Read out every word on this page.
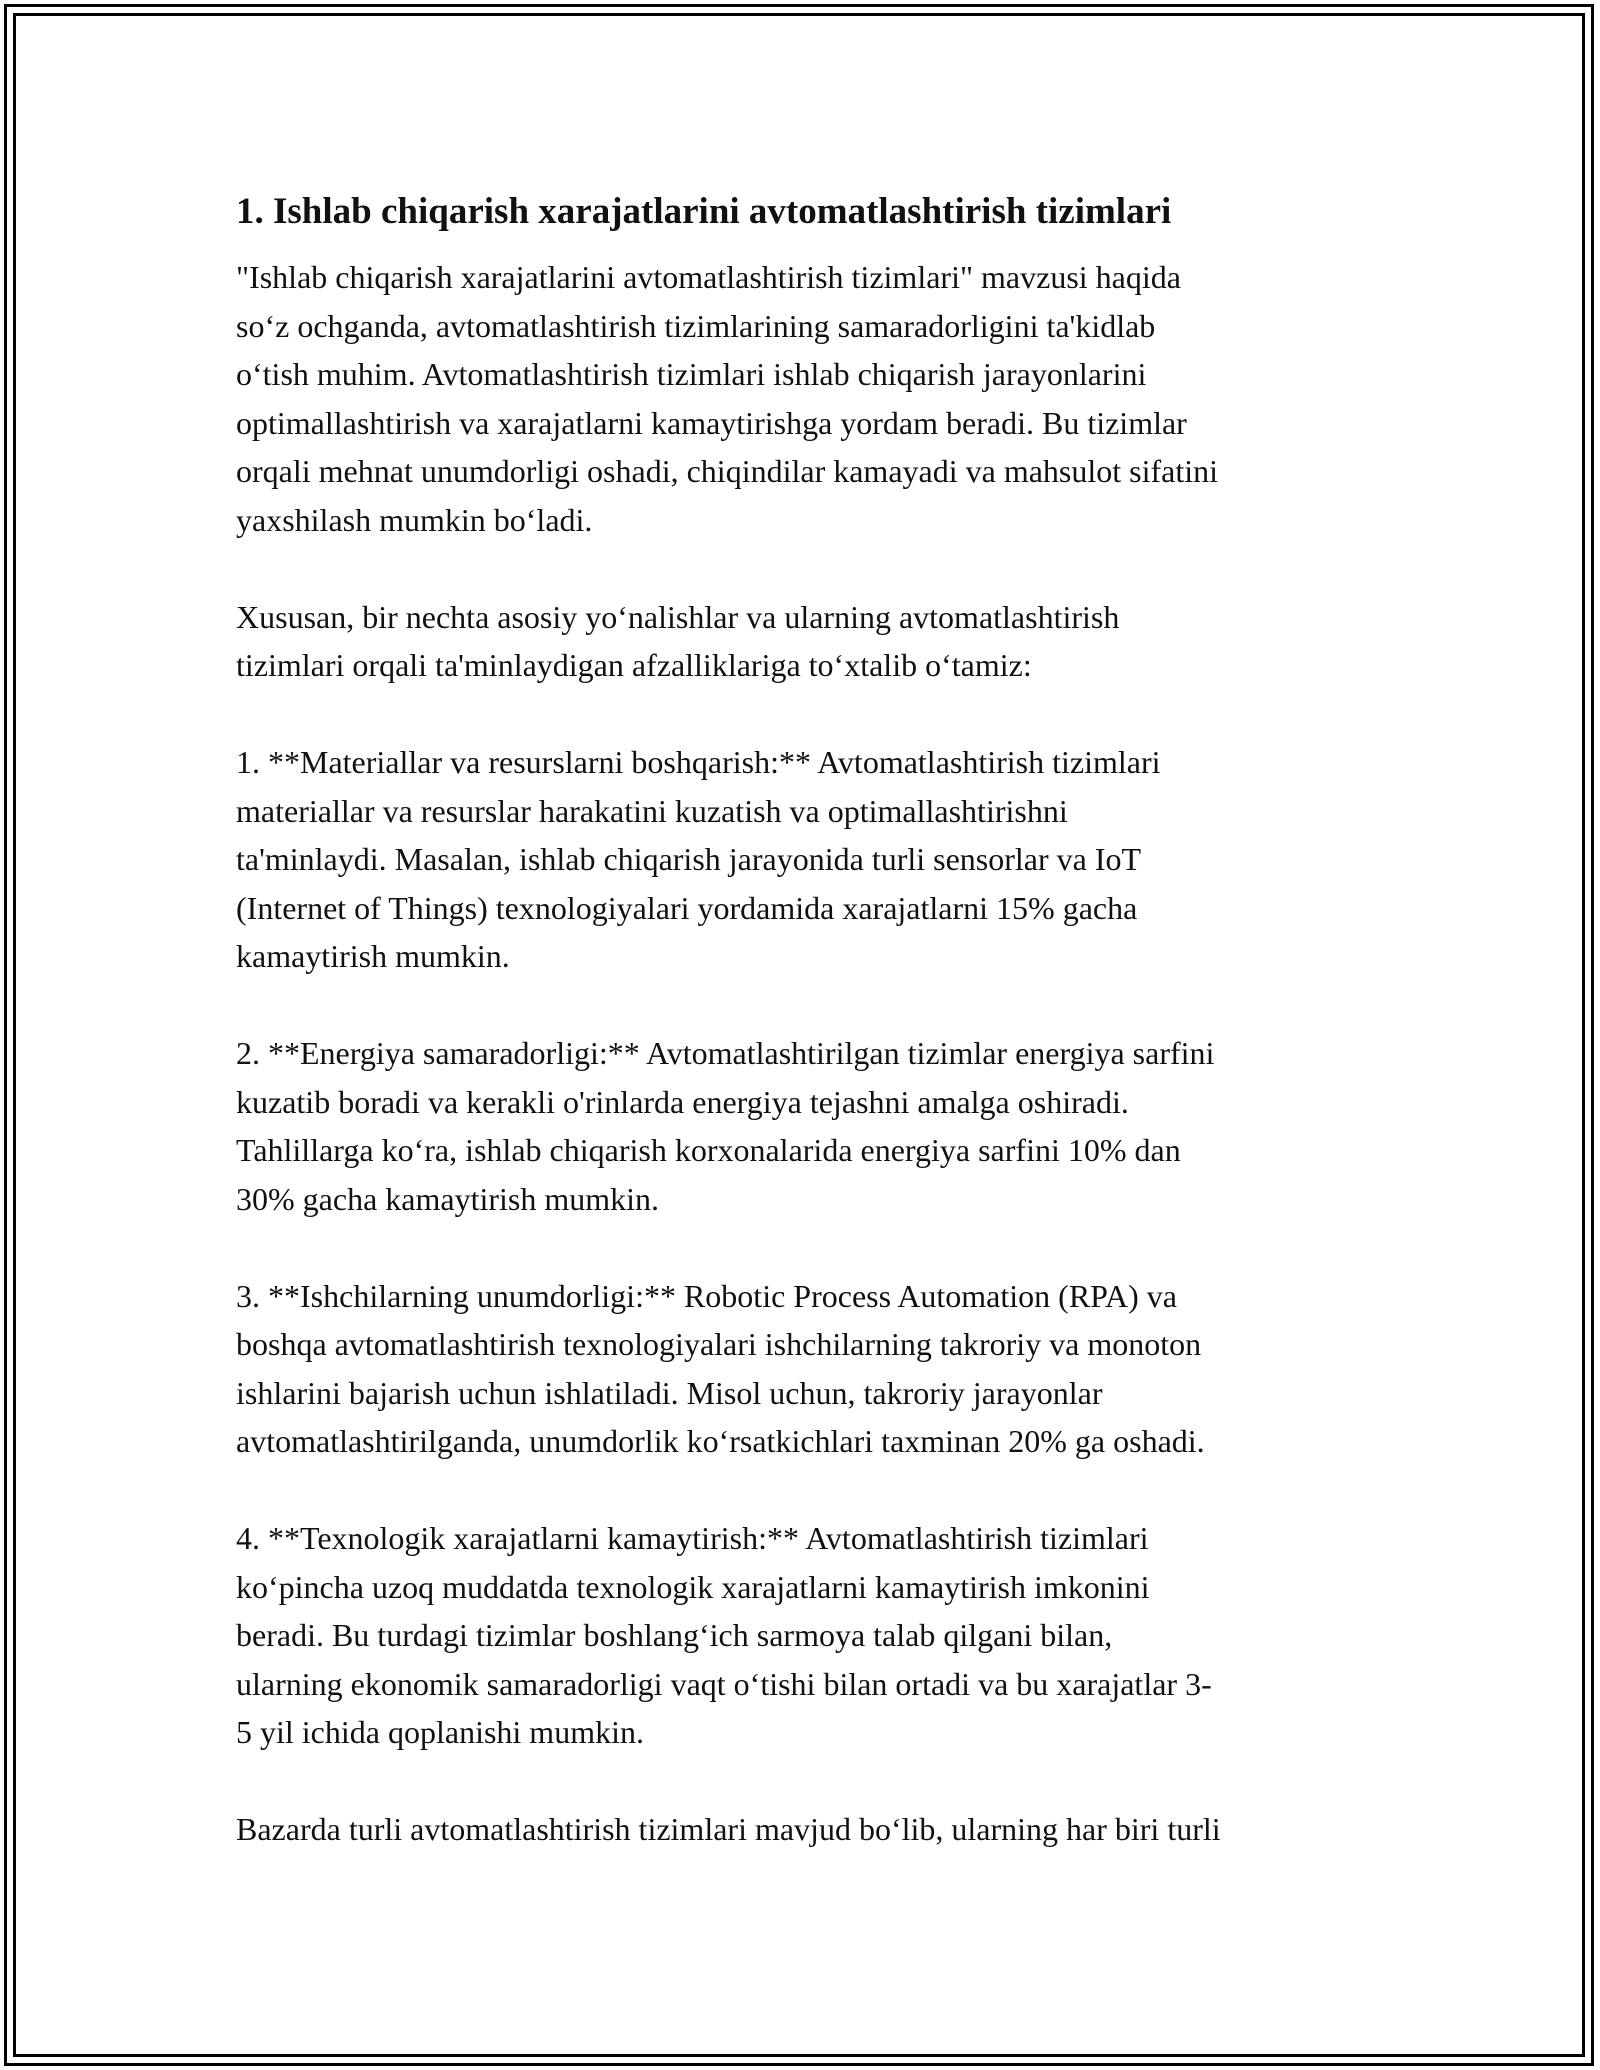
1. Ishlab chiqarish xarajatlarini avtomatlashtirish tizimlari

"Ishlab chiqarish xarajatlarini avtomatlashtirish tizimlari" mavzusi haqida
so‘z ochganda, avtomatlashtirish tizimlarining samaradorligini ta'kidlab
o‘tish muhim. Avtomatlashtirish tizimlari ishlab chiqarish jarayonlarini
optimallashtirish va xarajatlarni kamaytirishga yordam beradi. Bu tizimlar
orqali mehnat unumdorligi oshadi, chiqindilar kamayadi va mahsulot sifatini
yaxshilash mumkin bo‘ladi.

Xususan, bir nechta asosiy yo‘nalishlar va ularning avtomatlashtirish
tizimlari orqali ta'minlaydigan afzalliklariga to‘xtalib o‘tamiz:

1. **Materiallar va resurslarni boshqarish:** Avtomatlashtirish tizimlari
materiallar va resurslar harakatini kuzatish va optimallashtirishni
ta'minlaydi. Masalan, ishlab chiqarish jarayonida turli sensorlar va IoT
(Internet of Things) texnologiyalari yordamida xarajatlarni 15% gacha
kamaytirish mumkin.

2. **Energiya samaradorligi:** Avtomatlashtirilgan tizimlar energiya sarfini
kuzatib boradi va kerakli o'rinlarda energiya tejashni amalga oshiradi.
Tahlillarga ko‘ra, ishlab chiqarish korxonalarida energiya sarfini 10% dan
30% gacha kamaytirish mumkin.

3. **Ishchilarning unumdorligi:** Robotic Process Automation (RPA) va
boshqa avtomatlashtirish texnologiyalari ishchilarning takroriy va monoton
ishlarini bajarish uchun ishlatiladi. Misol uchun, takroriy jarayonlar
avtomatlashtirilganda, unumdorlik ko‘rsatkichlari taxminan 20% ga oshadi.

4. **Texnologik xarajatlarni kamaytirish:** Avtomatlashtirish tizimlari
ko‘pincha uzoq muddatda texnologik xarajatlarni kamaytirish imkonini
beradi. Bu turdagi tizimlar boshlang‘ich sarmoya talab qilgani bilan,
ularning ekonomik samaradorligi vaqt o‘tishi bilan ortadi va bu xarajatlar 3-
5 yil ichida qoplanishi mumkin.

Bazarda turli avtomatlashtirish tizimlari mavjud bo‘lib, ularning har biri turli
